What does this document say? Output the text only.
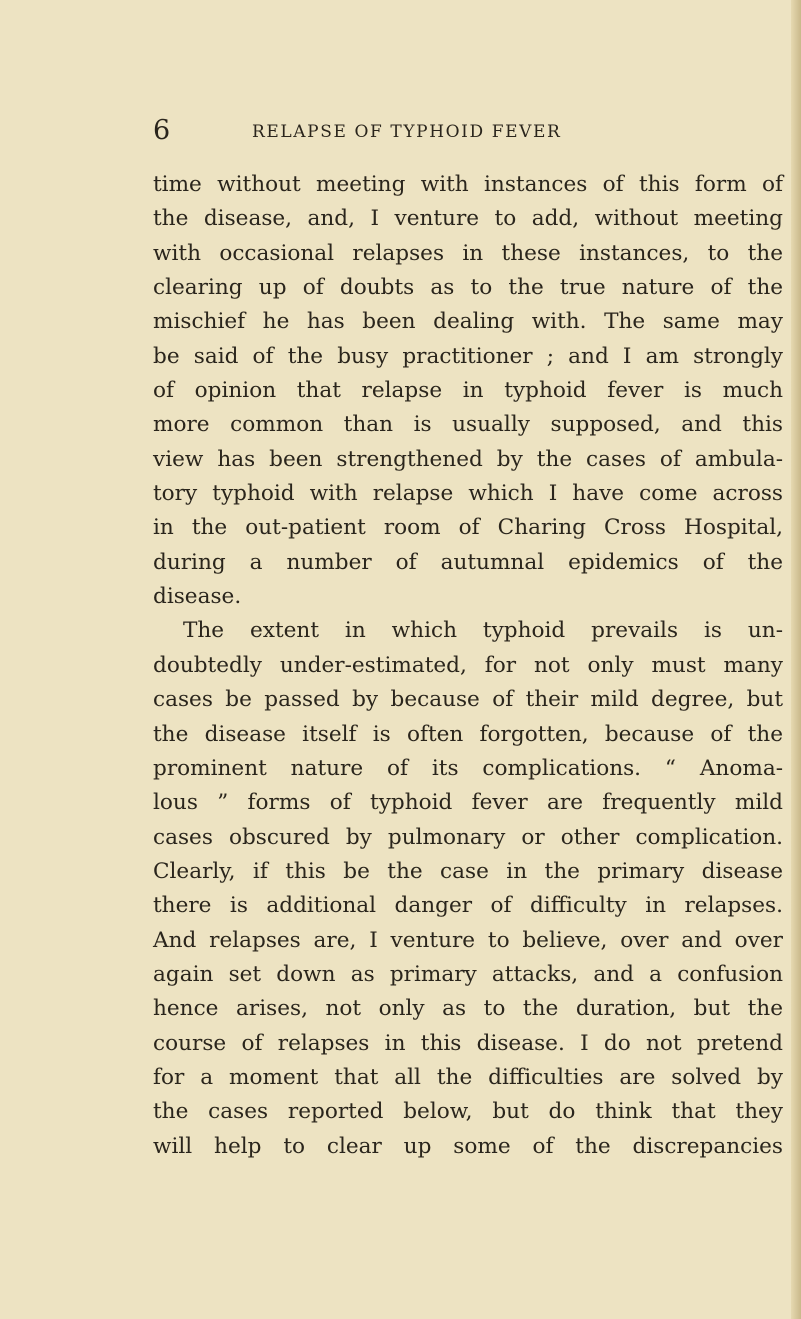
6	RELAPSE OF TYPHOID FEVER
time without meeting with instances of this form of
the disease, and, I venture to add, without meeting
with occasional relapses in these instances, to the
clearing up of doubts as to the true nature of the
mischief he has been dealing with. The same may
be said of the busy practitioner ; and I am strongly
of opinion that relapse in typhoid fever is much
more common than is usually supposed, and this
view has been strengthened by the cases of ambula-
tory typhoid with relapse which I have come across
in the out-patient room of Charing Cross Hospital,
during a number of autumnal epidemics of the
disease.
The extent in which typhoid prevails is un-
doubtedly under-estimated, for not only must many
cases be passed by because of their mild degree, but
the disease itself is often forgotten, because of the
prominent nature of its complications. “ Anoma-
lous ” forms of typhoid fever are frequently mild
cases obscured by pulmonary or other complication.
Clearly, if this be the case in the primary disease
there is additional danger of difficulty in relapses.
And relapses are, I venture to believe, over and over
again set down as primary attacks, and a confusion
hence arises, not only as to the duration, but the
course of relapses in this disease. I do not pretend
for a moment that all the difficulties are solved by
the cases reported below, but do think that they
will help to clear up some of the discrepancies
